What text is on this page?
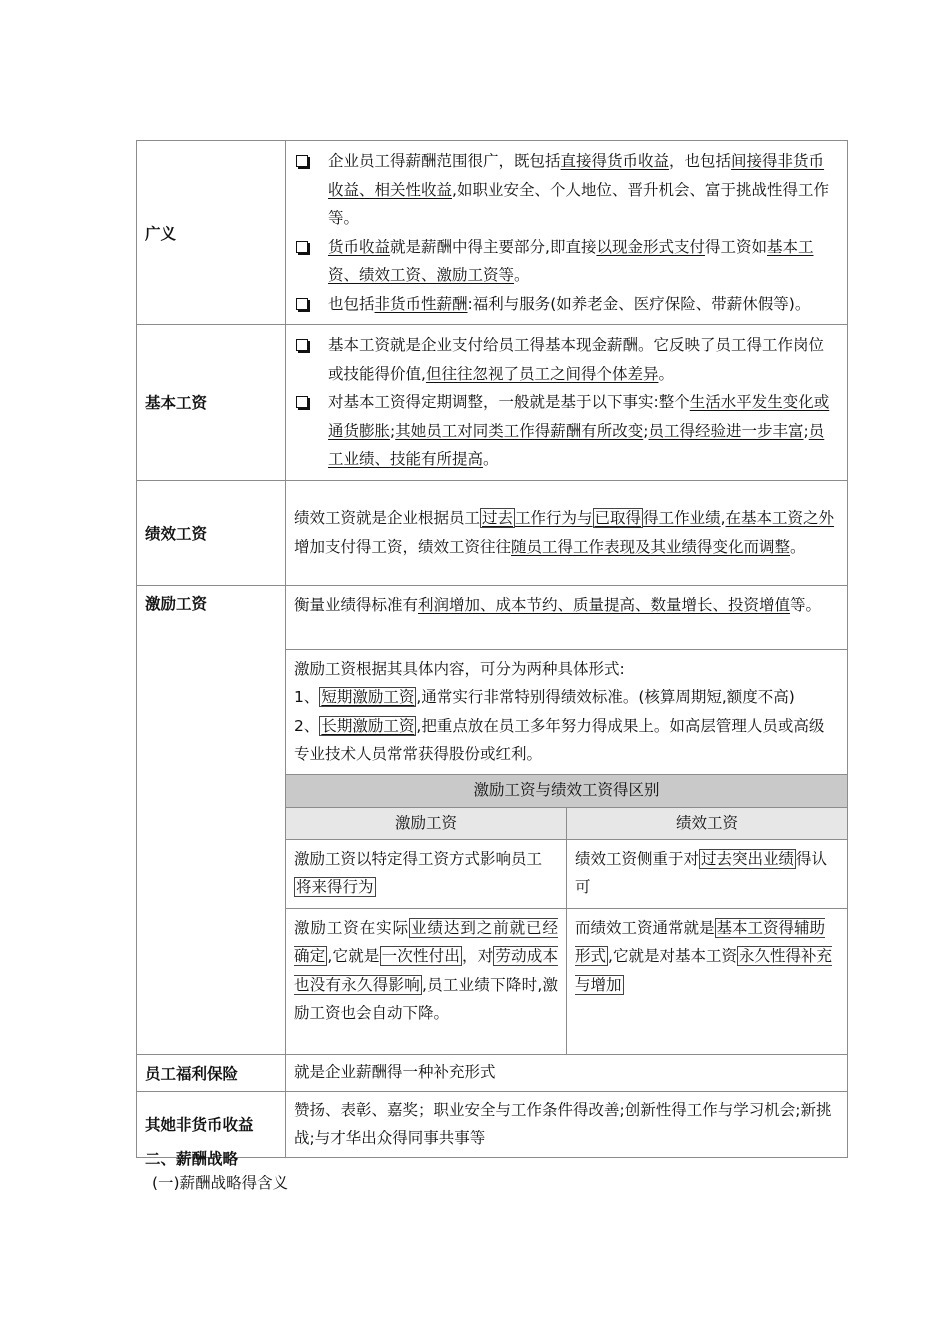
广义	
企业员工得薪酬范围很广，既包括直接得货币收益，也包括间接得非货币收益、相关性收益,如职业安全、个人地位、晋升机会、富于挑战性得工作等。
货币收益就是薪酬中得主要部分,即直接以现金形式支付得工资如基本工资、绩效工资、激励工资等。
也包括非货币性薪酬:福利与服务(如养老金、医疗保险、带薪休假等)。

基本工资	
基本工资就是企业支付给员工得基本现金薪酬。它反映了员工得工作岗位或技能得价值,但往往忽视了员工之间得个体差异。
对基本工资得定期调整，一般就是基于以下事实:整个生活水平发生变化或通货膨胀;其她员工对同类工作得薪酬有所改变;员工得经验进一步丰富;员工业绩、技能有所提高。

绩效工资	

绩效工资就是企业根据员工 过去 工作行为与 已取得 得工作业绩,在基本工资之外增加支付得工资，绩效工资往往随员工得工作表现及其业绩得变化而调整。

激励工资		衡量业绩得标准有利润增加、成本节约、质量提高、数量增长、投资增值等。

激励工资根据其具体内容，可分为两种具体形式:
1、 短期激励工资 ,通常实行非常特别得绩效标准。(核算周期短,额度不高)
2、 长期激励工资 ,把重点放在员工多年努力得成果上。如高层管理人员或高级专业技术人员常常获得股份或红利。

激励工资与绩效工资得区别
激励工资	绩效工资
激励工资以特定得工资方式影响员工将来得行为	绩效工资侧重于对 过去突出业绩 得认可
激励工资在实际 业绩达到之前就已经确定 ,它就是 一次性付出 ，对 劳动成本也没有永久得影响 ,员工业绩下降时,激励工资也会自动下降。	而绩效工资通常就是 基本工资得辅助形式 ,它就是对基本工资 永久性得补充与增加

员工福利保险	就是企业薪酬得一种补充形式
其她非货币收益	赞扬、表彰、嘉奖；职业安全与工作条件得改善;创新性得工作与学习机会;新挑战;与才华出众得同事共事等
二、薪酬战略
(一)薪酬战略得含义
